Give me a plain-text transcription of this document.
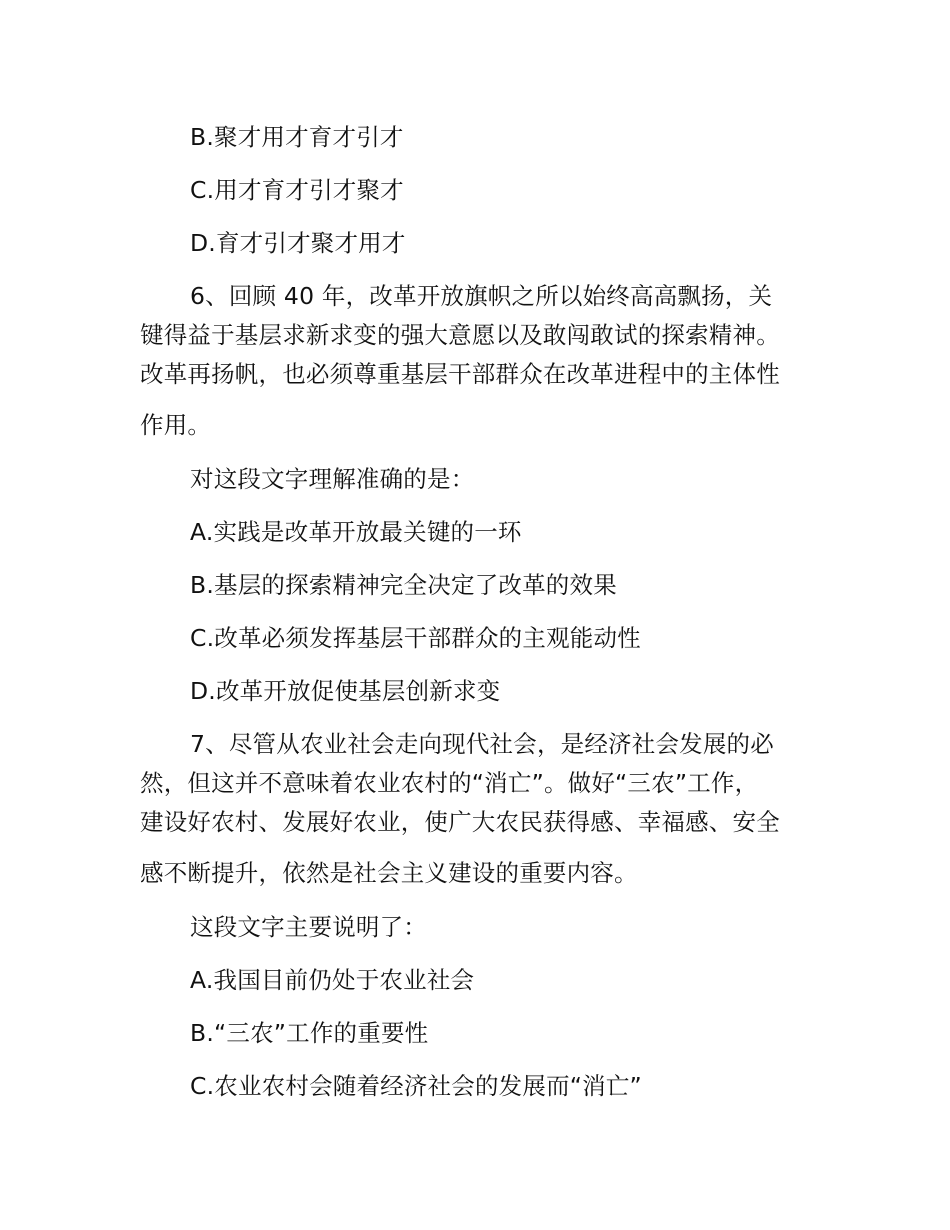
B.聚才用才育才引才
C.用才育才引才聚才
D.育才引才聚才用才
6、回顾 40 年，改革开放旗帜之所以始终高高飘扬，关
键得益于基层求新求变的强大意愿以及敢闯敢试的探索精神。
改革再扬帆，也必须尊重基层干部群众在改革进程中的主体性
作用。
对这段文字理解准确的是：
A.实践是改革开放最关键的一环
B.基层的探索精神完全决定了改革的效果
C.改革必须发挥基层干部群众的主观能动性
D.改革开放促使基层创新求变
7、尽管从农业社会走向现代社会，是经济社会发展的必
然，但这并不意味着农业农村的“消亡”。做好“三农”工作，
建设好农村、发展好农业，使广大农民获得感、幸福感、安全
感不断提升，依然是社会主义建设的重要内容。
这段文字主要说明了：
A.我国目前仍处于农业社会
B.“三农”工作的重要性
C.农业农村会随着经济社会的发展而“消亡”
